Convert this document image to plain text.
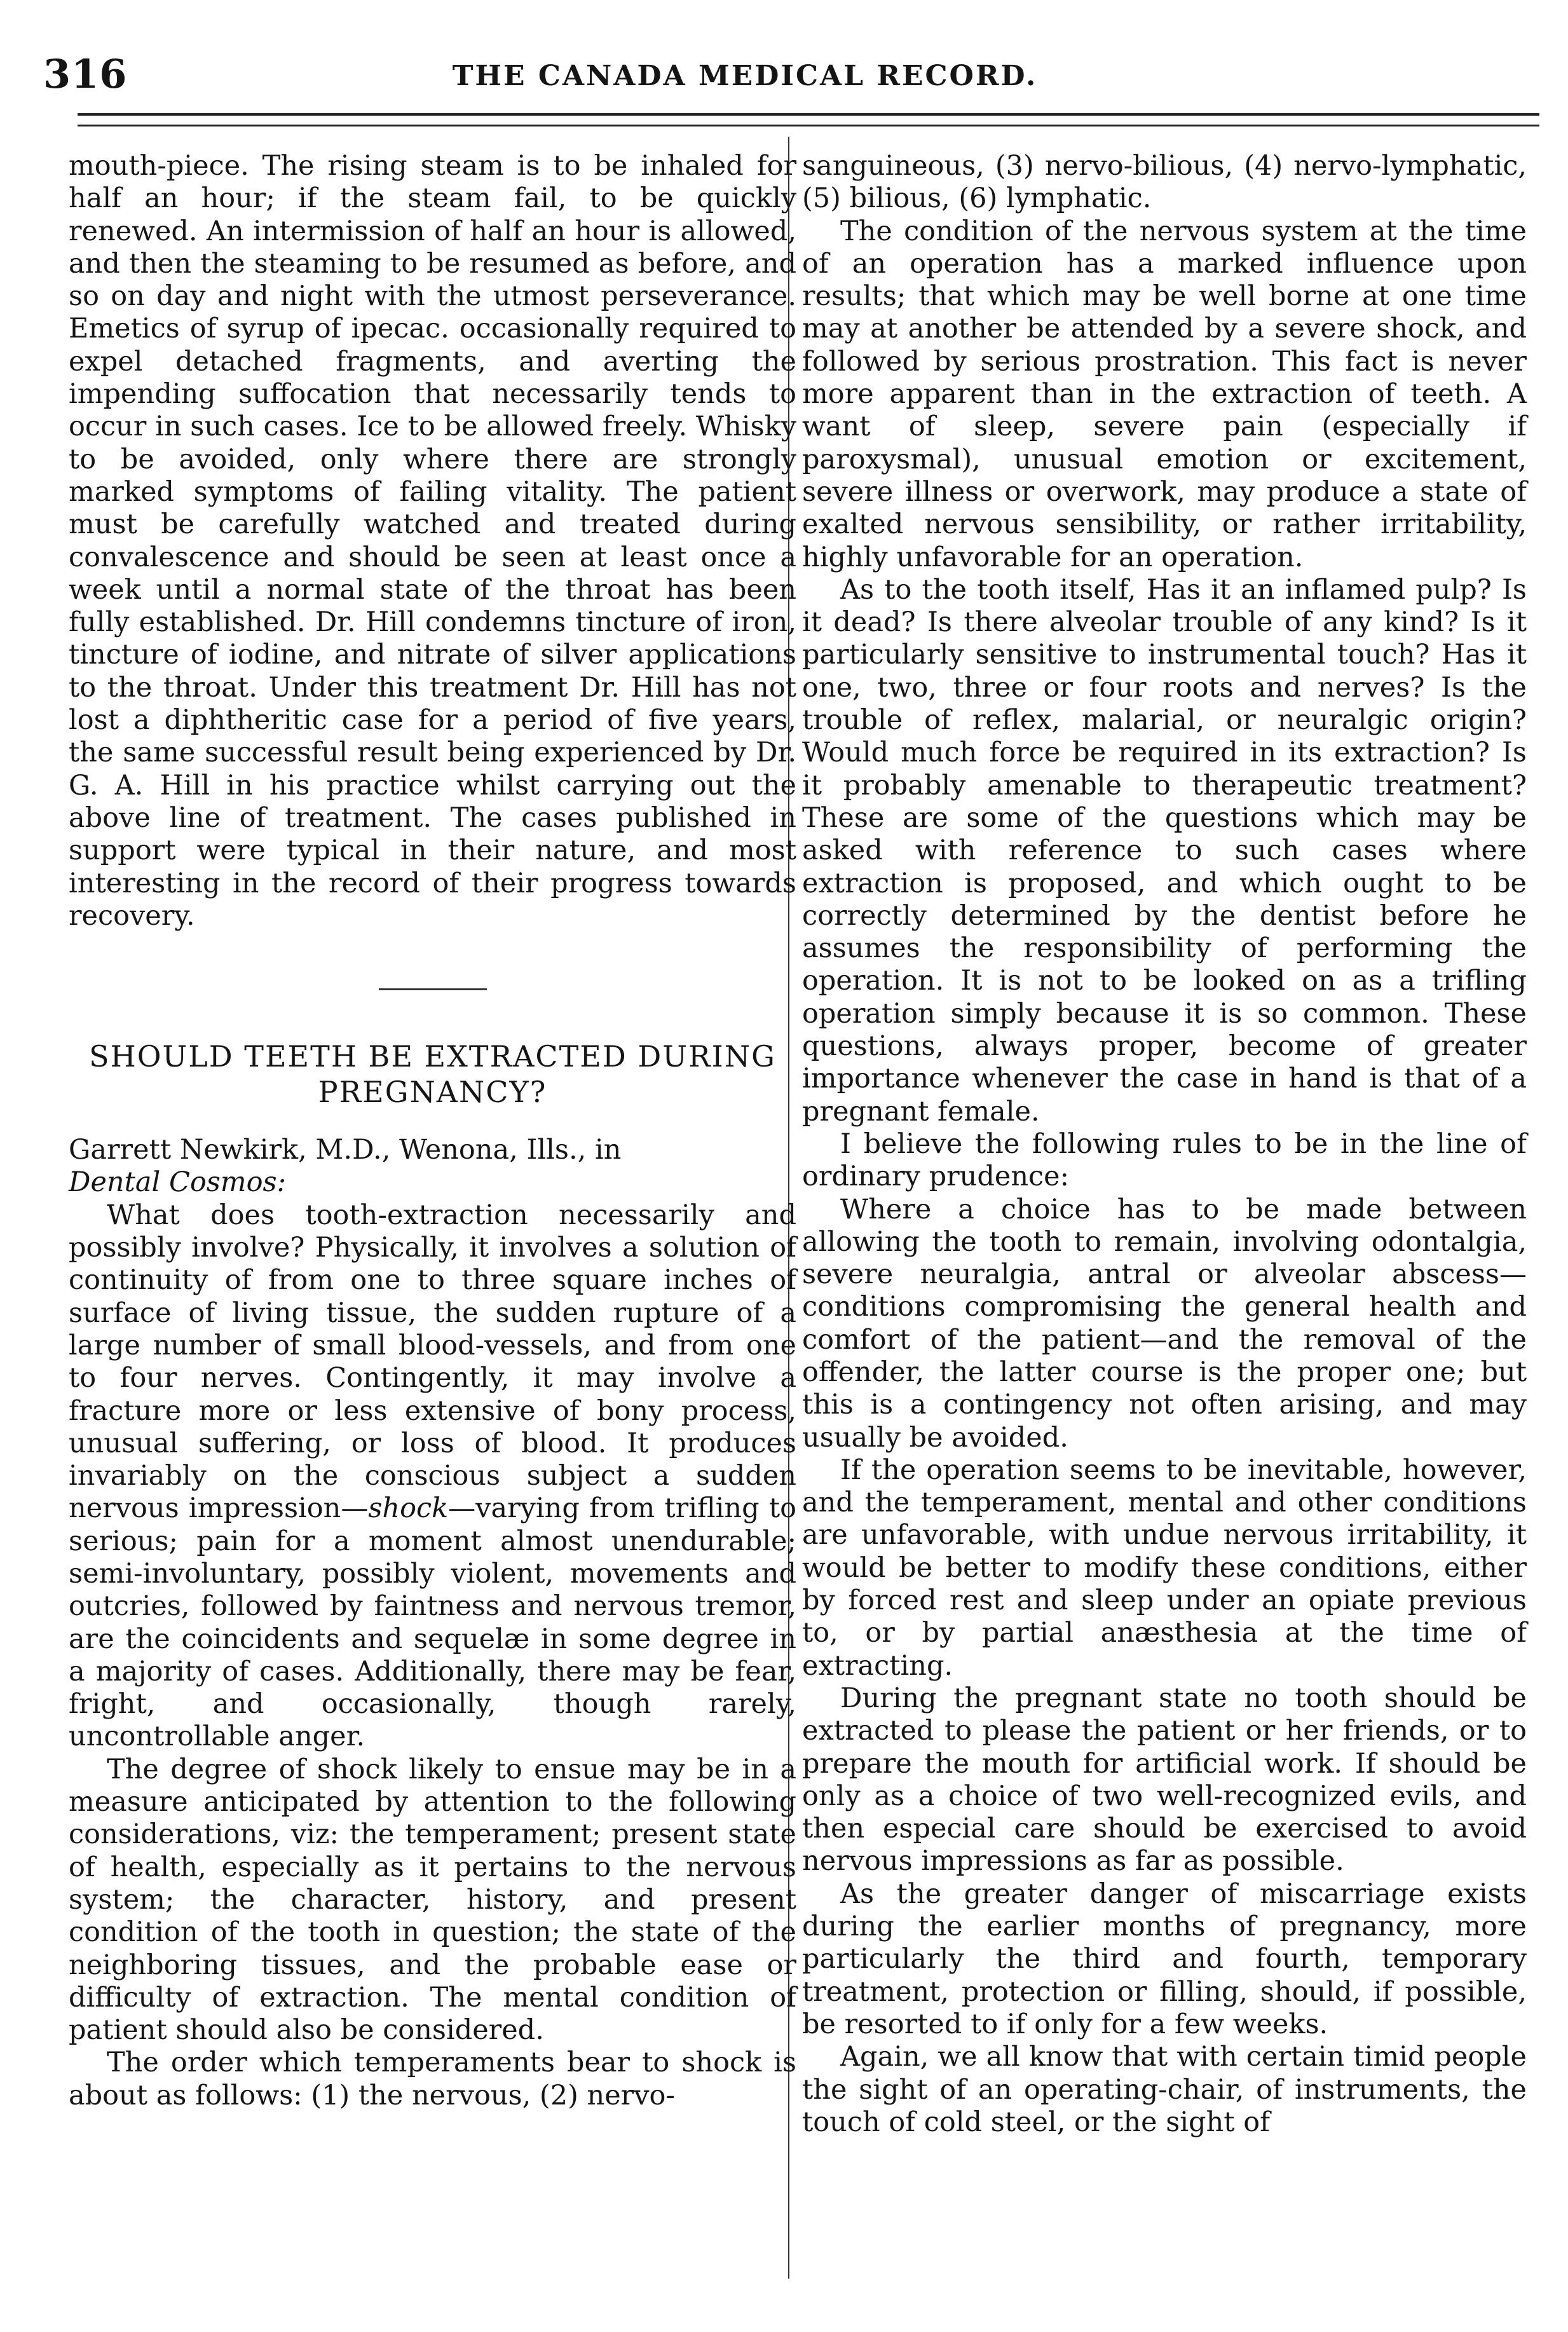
316	THE CANADA MEDICAL RECORD.

mouth-piece. The rising steam is to be inhaled for half an hour; if the steam fail, to be quickly renewed. An intermission of half an hour is allowed, and then the steaming to be resumed as before, and so on day and night with the utmost perseverance. Emetics of syrup of ipecac. occasionally required to expel detached fragments, and averting the impending suffocation that necessarily tends to occur in such cases. Ice to be allowed freely. Whisky to be avoided, only where there are strongly marked symptoms of failing vitality. The patient must be carefully watched and treated during convalescence and should be seen at least once a week until a normal state of the throat has been fully established. Dr. Hill condemns tincture of iron, tincture of iodine, and nitrate of silver applications to the throat. Under this treatment Dr. Hill has not lost a diphtheritic case for a period of five years, the same successful result being experienced by Dr. G. A. Hill in his practice whilst carrying out the above line of treatment. The cases published in support were typical in their nature, and most interesting in the record of their progress towards recovery.

SHOULD TEETH BE EXTRACTED DURING PREGNANCY?

Garrett Newkirk, M.D., Wenona, Ills., in
Dental Cosmos:

What does tooth-extraction necessarily and possibly involve? Physically, it involves a solution of continuity of from one to three square inches of surface of living tissue, the sudden rupture of a large number of small blood-vessels, and from one to four nerves. Contingently, it may involve a fracture more or less extensive of bony process, unusual suffering, or loss of blood. It produces invariably on the conscious subject a sudden nervous impression—shock—varying from trifling to serious; pain for a moment almost unendurable; semi-involuntary, possibly violent, movements and outcries, followed by faintness and nervous tremor, are the coincidents and sequelæ in some degree in a majority of cases. Additionally, there may be fear, fright, and occasionally, though rarely, uncontrollable anger.

The degree of shock likely to ensue may be in a measure anticipated by attention to the following considerations, viz: the temperament; present state of health, especially as it pertains to the nervous system; the character, history, and present condition of the tooth in question; the state of the neighboring tissues, and the probable ease or difficulty of extraction. The mental condition of patient should also be considered.

The order which temperaments bear to shock is about as follows: (1) the nervous, (2) nervo-

sanguineous, (3) nervo-bilious, (4) nervo-lymphatic, (5) bilious, (6) lymphatic.

The condition of the nervous system at the time of an operation has a marked influence upon results; that which may be well borne at one time may at another be attended by a severe shock, and followed by serious prostration. This fact is never more apparent than in the extraction of teeth. A want of sleep, severe pain (especially if paroxysmal), unusual emotion or excitement, severe illness or overwork, may produce a state of exalted nervous sensibility, or rather irritability, highly unfavorable for an operation.

As to the tooth itself, Has it an inflamed pulp? Is it dead? Is there alveolar trouble of any kind? Is it particularly sensitive to instrumental touch? Has it one, two, three or four roots and nerves? Is the trouble of reflex, malarial, or neuralgic origin? Would much force be required in its extraction? Is it probably amenable to therapeutic treatment? These are some of the questions which may be asked with reference to such cases where extraction is proposed, and which ought to be correctly determined by the dentist before he assumes the responsibility of performing the operation. It is not to be looked on as a trifling operation simply because it is so common. These questions, always proper, become of greater importance whenever the case in hand is that of a pregnant female.

I believe the following rules to be in the line of ordinary prudence:

Where a choice has to be made between allowing the tooth to remain, involving odontalgia, severe neuralgia, antral or alveolar abscess—conditions compromising the general health and comfort of the patient—and the removal of the offender, the latter course is the proper one; but this is a contingency not often arising, and may usually be avoided.

If the operation seems to be inevitable, however, and the temperament, mental and other conditions are unfavorable, with undue nervous irritability, it would be better to modify these conditions, either by forced rest and sleep under an opiate previous to, or by partial anæsthesia at the time of extracting.

During the pregnant state no tooth should be extracted to please the patient or her friends, or to prepare the mouth for artificial work. If should be only as a choice of two well-recognized evils, and then especial care should be exercised to avoid nervous impressions as far as possible.

As the greater danger of miscarriage exists during the earlier months of pregnancy, more particularly the third and fourth, temporary treatment, protection or filling, should, if possible, be resorted to if only for a few weeks.

Again, we all know that with certain timid people the sight of an operating-chair, of instruments, the touch of cold steel, or the sight of
